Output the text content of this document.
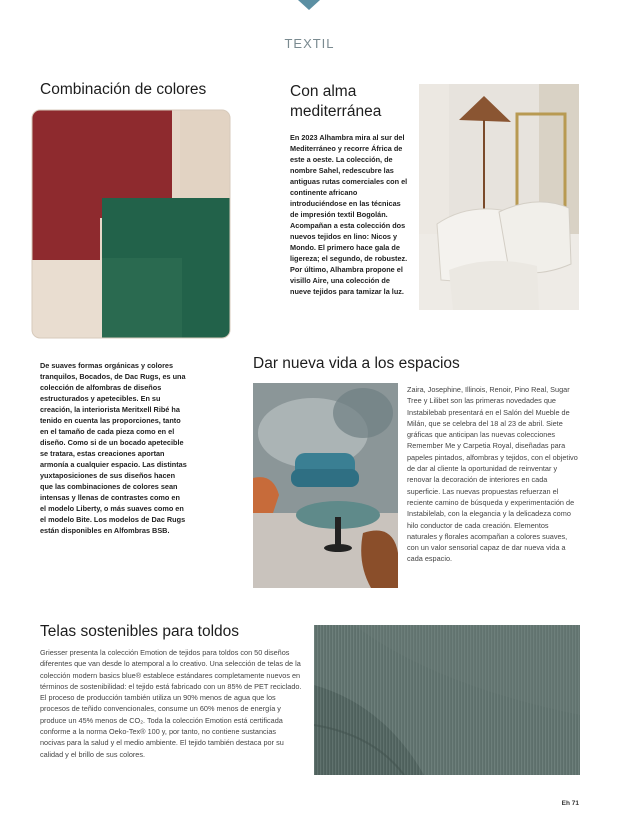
TEXTIL
Combinación de colores
De suaves formas orgánicas y colores tranquilos, Bocados, de Dac Rugs, es una colección de alfombras de diseños estructurados y apetecibles. En su creación, la interiorista Meritxell Ribé ha tenido en cuenta las proporciones, tanto en el tamaño de cada pieza como en el diseño. Como si de un bocado apetecible se tratara, estas creaciones aportan armonía a cualquier espacio. Las distintas yuxtaposiciones de sus diseños hacen que las combinaciones de colores sean intensas y llenas de contrastes como en el modelo Liberty, o más suaves como en el modelo Bite. Los modelos de Dac Rugs están disponibles en Alfombras BSB.
Con alma
mediterránea
En 2023 Alhambra mira al sur del Mediterráneo y recorre África de este a oeste. La colección, de nombre Sahel, redescubre las antiguas rutas comerciales con el continente africano introduciéndose en las técnicas de impresión textil Bogolán. Acompañan a esta colección dos nuevos tejidos en lino: Nicos y Mondo. El primero hace gala de ligereza; el segundo, de robustez. Por último, Alhambra propone el visillo Aire, una colección de nueve tejidos para tamizar la luz.
Dar nueva vida a los espacios
Zaira, Josephine, Illinois, Renoir, Pino Real, Sugar Tree y Lilibet son las primeras novedades que Instabilebab presentará en el Salón del Mueble de Milán, que se celebra del 18 al 23 de abril. Siete gráficas que anticipan las nuevas colecciones Remember Me y Carpetia Royal, diseñadas para papeles pintados, alfombras y tejidos, con el objetivo de dar al cliente la oportunidad de reinventar y renovar la decoración de interiores en cada superficie. Las nuevas propuestas refuerzan el reciente camino de búsqueda y experimentación de Instabilelab, con la elegancia y la delicadeza como hilo conductor de cada creación. Elementos naturales y florales acompañan a colores suaves, con un valor sensorial capaz de dar nueva vida a cada espacio.
Telas sostenibles para toldos
Griesser presenta la colección Emotion de tejidos para toldos con 50 diseños diferentes que van desde lo atemporal a lo creativo. Una selección de telas de la colección modern basics blue® establece estándares completamente nuevos en términos de sostenibilidad: el tejido está fabricado con un 85% de PET reciclado. El proceso de producción también utiliza un 90% menos de agua que los procesos de teñido convencionales, consume un 60% menos de energía y produce un 45% menos de CO₂. Toda la colección Emotion está certificada conforme a la norma Oeko-Tex® 100 y, por tanto, no contiene sustancias nocivas para la salud y el medio ambiente. El tejido también destaca por su calidad y el brillo de sus colores.
Eh 71
